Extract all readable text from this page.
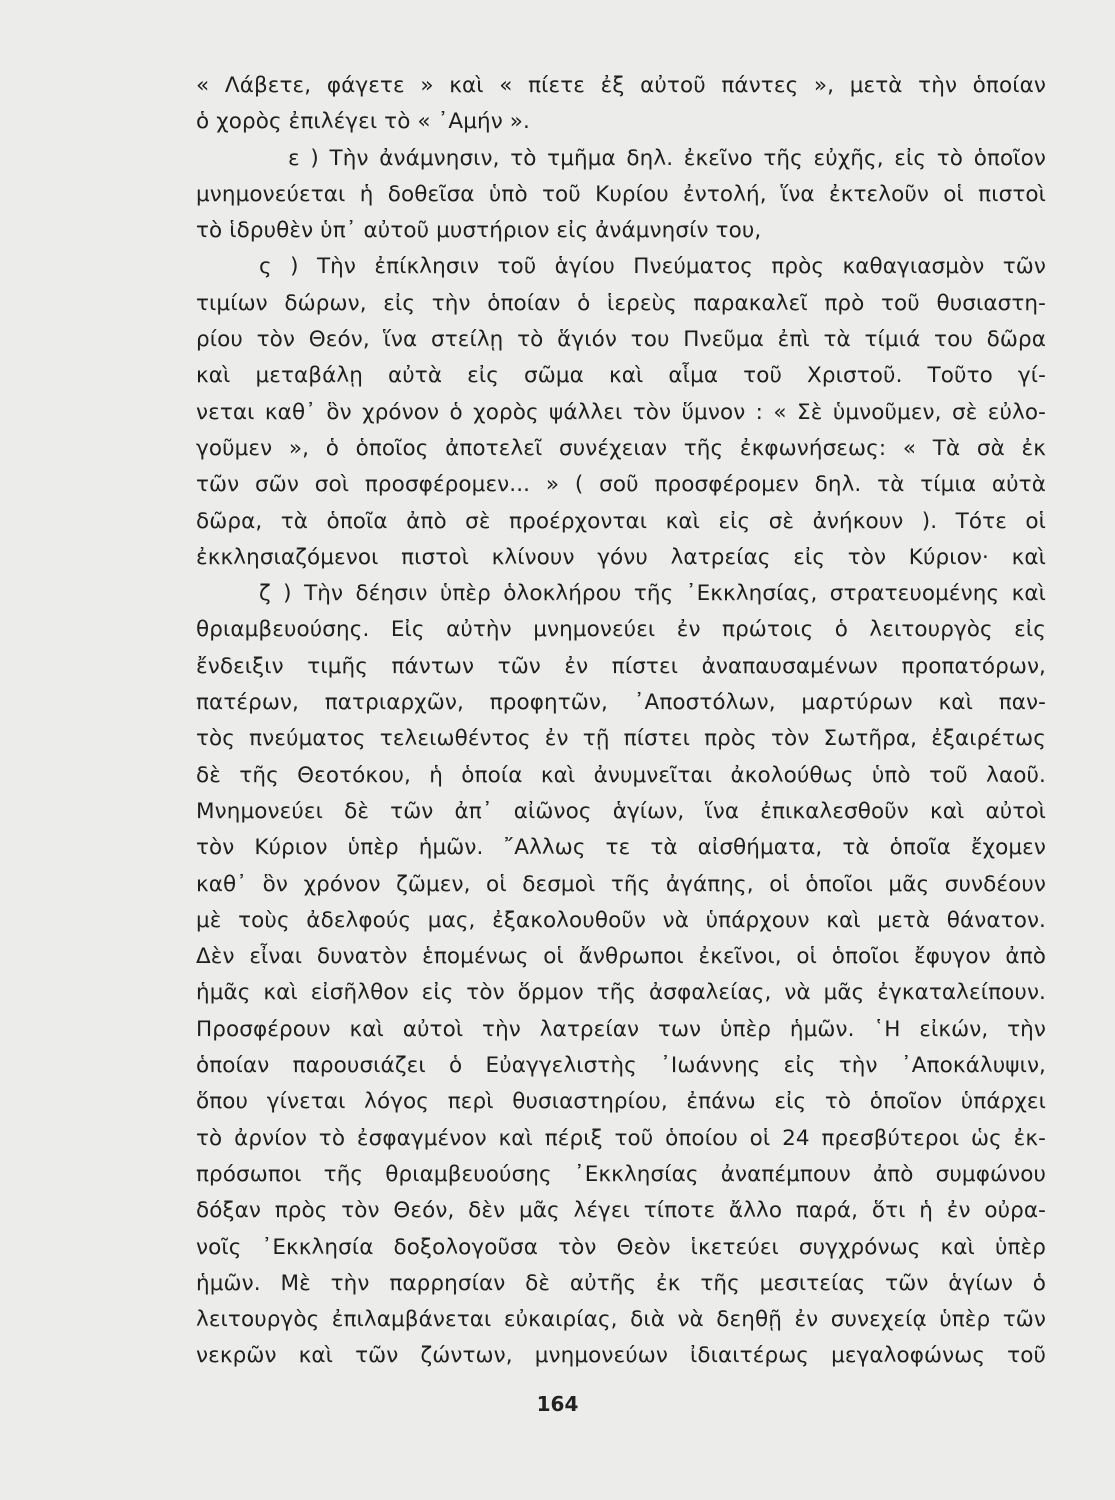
« Λάβετε, φάγετε » καὶ « πίετε ἐξ αὐτοῦ πάντες », μετὰ τὴν ὁποίαν
ὁ χορὸς ἐπιλέγει τὸ « ᾿Αμήν ».
ε ) Τὴν ἀνάμνησιν, τὸ τμῆμα δηλ. ἐκεῖνο τῆς εὐχῆς, εἰς τὸ ὁποῖον
μνημονεύεται ἡ δοθεῖσα ὑπὸ τοῦ Κυρίου ἐντολή, ἵνα ἐκτελοῦν οἱ πιστοὶ
τὸ ἱδρυθὲν ὑπ᾿ αὐτοῦ μυστήριον εἰς ἀνάμνησίν του,
ς ) Τὴν ἐπίκλησιν τοῦ ἁγίου Πνεύματος πρὸς καθαγιασμὸν τῶν
τιμίων δώρων, εἰς τὴν ὁποίαν ὁ ἱερεὺς παρακαλεῖ πρὸ τοῦ θυσιαστη-
ρίου τὸν Θεόν, ἵνα στείλῃ τὸ ἅγιόν του Πνεῦμα ἐπὶ τὰ τίμιά του δῶρα
καὶ μεταβάλῃ αὐτὰ εἰς σῶμα καὶ αἷμα τοῦ Χριστοῦ. Τοῦτο γί-
νεται καθ᾿ ὃν χρόνον ὁ χορὸς ψάλλει τὸν ὕμνον : « Σὲ ὑμνοῦμεν, σὲ εὐλο-
γοῦμεν », ὁ ὁποῖος ἀποτελεῖ συνέχειαν τῆς ἐκφωνήσεως: « Τὰ σὰ ἐκ
τῶν σῶν σοὶ προσφέρομεν... » ( σοῦ προσφέρομεν δηλ. τὰ τίμια αὐτὰ
δῶρα, τὰ ὁποῖα ἀπὸ σὲ προέρχονται καὶ εἰς σὲ ἀνήκουν ). Τότε οἱ
ἐκκλησιαζόμενοι πιστοὶ κλίνουν γόνυ λατρείας εἰς τὸν Κύριον· καὶ
ζ ) Τὴν δέησιν ὑπὲρ ὁλοκλήρου τῆς ᾿Εκκλησίας, στρατευομένης καὶ
θριαμβευούσης. Εἰς αὐτὴν μνημονεύει ἐν πρώτοις ὁ λειτουργὸς εἰς
ἔνδειξιν τιμῆς πάντων τῶν ἐν πίστει ἀναπαυσαμένων προπατόρων,
πατέρων, πατριαρχῶν, προφητῶν, ᾿Αποστόλων, μαρτύρων καὶ παν-
τὸς πνεύματος τελειωθέντος ἐν τῇ πίστει πρὸς τὸν Σωτῆρα, ἐξαιρέτως
δὲ τῆς Θεοτόκου, ἡ ὁποία καὶ ἀνυμνεῖται ἀκολούθως ὑπὸ τοῦ λαοῦ.
Μνημονεύει δὲ τῶν ἀπ᾿ αἰῶνος ἁγίων, ἵνα ἐπικαλεσθοῦν καὶ αὐτοὶ
τὸν Κύριον ὑπὲρ ἡμῶν. ῎Αλλως τε τὰ αἰσθήματα, τὰ ὁποῖα ἔχομεν
καθ᾿ ὃν χρόνον ζῶμεν, οἱ δεσμοὶ τῆς ἀγάπης, οἱ ὁποῖοι μᾶς συνδέουν
μὲ τοὺς ἀδελφούς μας, ἐξακολουθοῦν νὰ ὑπάρχουν καὶ μετὰ θάνατον.
Δὲν εἶναι δυνατὸν ἑπομένως οἱ ἄνθρωποι ἐκεῖνοι, οἱ ὁποῖοι ἔφυγον ἀπὸ
ἡμᾶς καὶ εἰσῆλθον εἰς τὸν ὅρμον τῆς ἀσφαλείας, νὰ μᾶς ἐγκαταλείπουν.
Προσφέρουν καὶ αὐτοὶ τὴν λατρείαν των ὑπὲρ ἡμῶν. ῾Η εἰκών, τὴν
ὁποίαν παρουσιάζει ὁ Εὐαγγελιστὴς ᾿Ιωάννης εἰς τὴν ᾿Αποκάλυψιν,
ὅπου γίνεται λόγος περὶ θυσιαστηρίου, ἐπάνω εἰς τὸ ὁποῖον ὑπάρχει
τὸ ἀρνίον τὸ ἐσφαγμένον καὶ πέριξ τοῦ ὁποίου οἱ 24 πρεσβύτεροι ὡς ἐκ-
πρόσωποι τῆς θριαμβευούσης ᾿Εκκλησίας ἀναπέμπουν ἀπὸ συμφώνου
δόξαν πρὸς τὸν Θεόν, δὲν μᾶς λέγει τίποτε ἄλλο παρά, ὅτι ἡ ἐν οὐρα-
νοῖς ᾿Εκκλησία δοξολογοῦσα τὸν Θεὸν ἱκετεύει συγχρόνως καὶ ὑπὲρ
ἡμῶν. Μὲ τὴν παρρησίαν δὲ αὐτῆς ἐκ τῆς μεσιτείας τῶν ἁγίων ὁ
λειτουργὸς ἐπιλαμβάνεται εὐκαιρίας, διὰ νὰ δεηθῇ ἐν συνεχείᾳ ὑπὲρ τῶν
νεκρῶν καὶ τῶν ζώντων, μνημονεύων ἰδιαιτέρως μεγαλοφώνως τοῦ
164
